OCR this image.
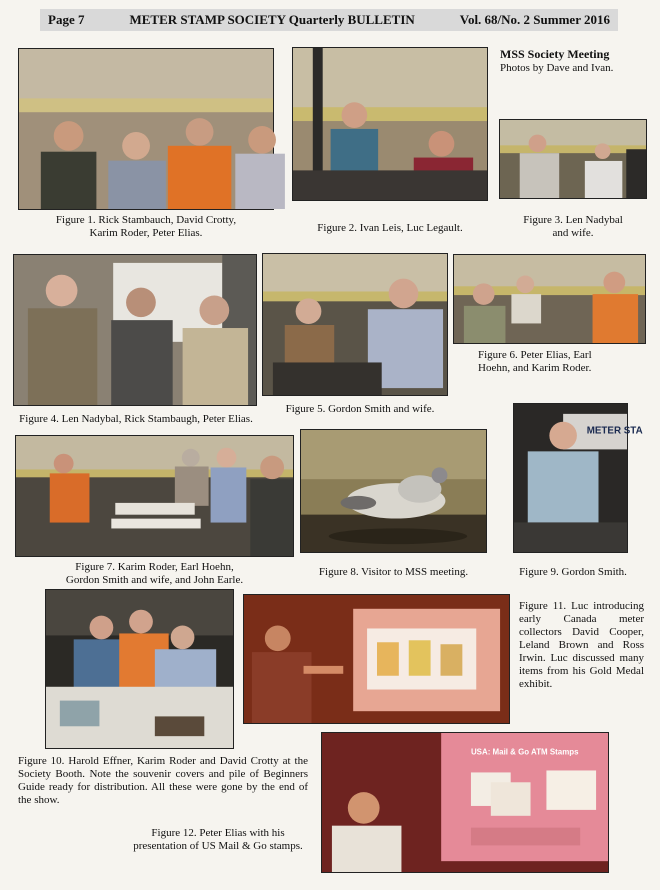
Page 7	METER STAMP SOCIETY Quarterly BULLETIN	Vol. 68/No. 2 Summer 2016
Figure 1. Rick Stambauch, David Crotty,
Karim Roder, Peter Elias.	Figure 2. Ivan Leis, Luc Legault.
MSS Society Meeting
Photos by Dave and Ivan.
Figure 3. Len Nadybal
and wife.
Figure 4. Len Nadybal, Rick Stambaugh, Peter Elias.
Figure 5. Gordon Smith and wife.
Figure 6. Peter Elias, Earl
Hoehn, and Karim Roder.
Figure 7. Karim Roder, Earl Hoehn,
Gordon Smith and wife, and John Earle.
Figure 8. Visitor to MSS meeting.
METER STA
Figure 9. Gordon Smith.
Figure 10. Harold Effner, Karim Roder and David Crotty at the Society Booth. Note the souvenir covers and pile of Beginners Guide ready for distribution. All these were gone by the end of the show.
Figure 11. Luc introducing early Canada meter collectors David Cooper, Leland Brown and Ross Irwin. Luc discussed many items from his Gold Medal exhibit.
USA: Mail & Go ATM Stamps
Figure 12. Peter Elias with his
presentation of US Mail & Go stamps.
